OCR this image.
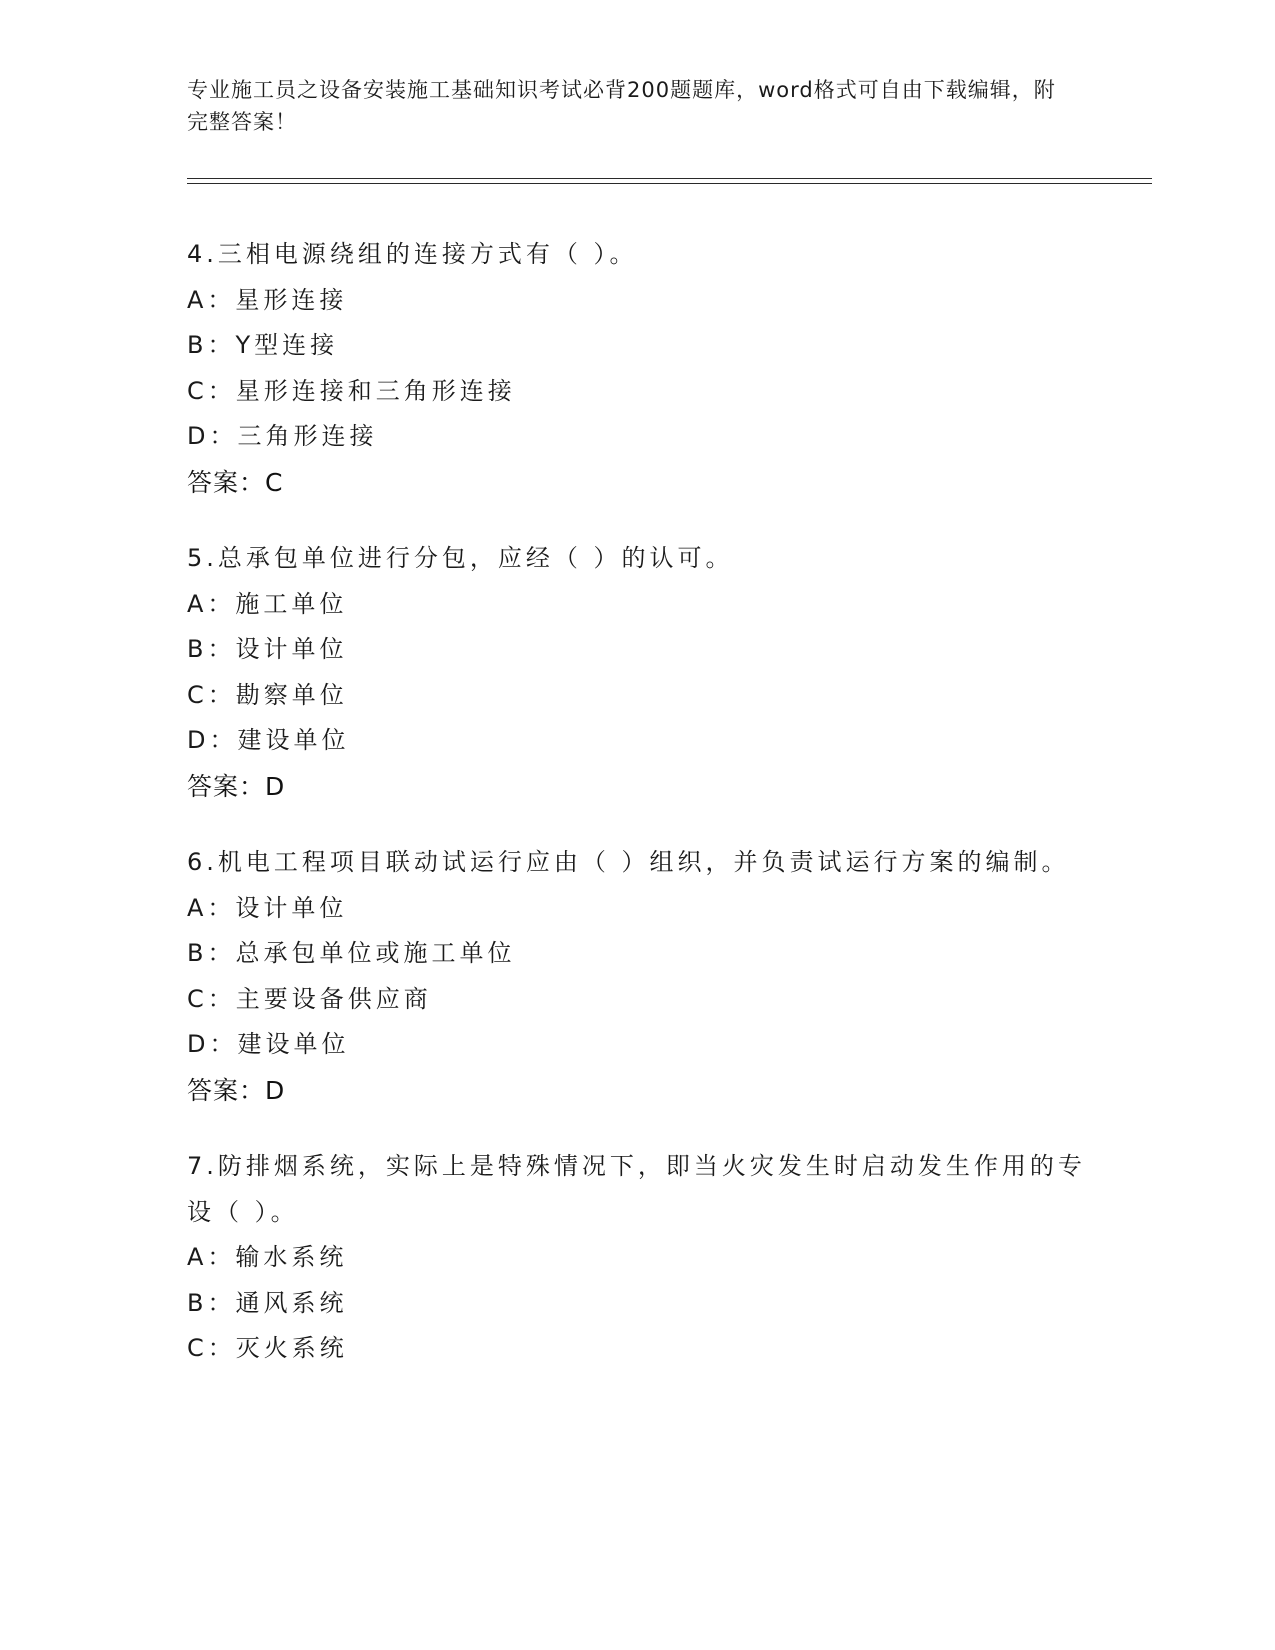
专业施工员之设备安装施工基础知识考试必背200题题库，word格式可自由下载编辑，附完整答案！
4.三相电源绕组的连接方式有（ ）。
A：星形连接
B：Y型连接
C：星形连接和三角形连接
D：三角形连接
答案：C
5.总承包单位进行分包，应经（ ）的认可。
A：施工单位
B：设计单位
C：勘察单位
D：建设单位
答案：D
6.机电工程项目联动试运行应由（ ）组织，并负责试运行方案的编制。
A：设计单位
B：总承包单位或施工单位
C：主要设备供应商
D：建设单位
答案：D
7.防排烟系统，实际上是特殊情况下，即当火灾发生时启动发生作用的专设（ ）。
A：输水系统
B：通风系统
C：灭火系统
